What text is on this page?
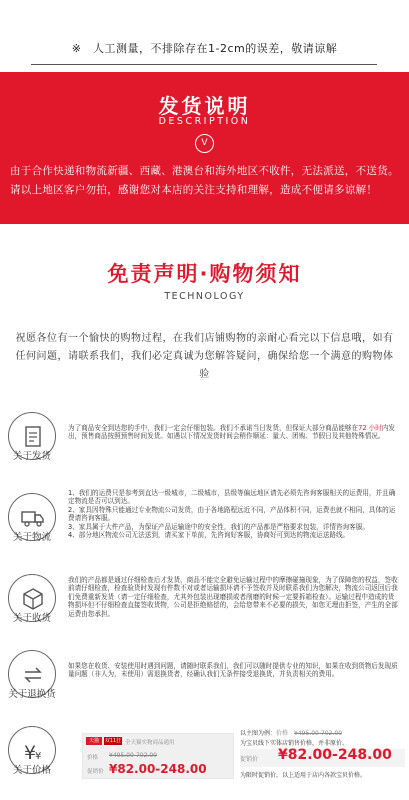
※　人工测量，不排除存在1-2cm的误差，敬请谅解
发货说明
DESCRIPTION
V
由于合作快递和物流新疆、西藏、港澳台和海外地区不收件，无法派送，不送货。请以上地区客户勿拍，感谢您对本店的关注支持和理解，造成不便请多谅解！
免责声明·购物须知
TECHNOLOGY
祝愿各位有一个愉快的购物过程，在我们店铺购物的亲耐心看完以下信息哦，如有任何问题，请联系我们，我们必定真诚为您解答疑问，确保给您一个满意的购物体验
关于发货
为了商品安全到达您的手中，我们一定会仔细包装。我们不承诺当日发货，但保证大部分商品能够在72 小时内发出，预售商品按照预售时间发货。如遇以下情况发货时间会稍作顺延：量大、团购、节假日及其他特殊情况。
关于物流
1、我们的运费只是参考到直达一级城市，二级城市，县级等偏远地区请先必须先咨询客服相关的运费用，并且确定物流是否可以到达。
2、家具因特殊只能通过专业物流公司发货，由于各地路程远近不同，产品体积不同，运费也就不相同，具体的运费请咨询客服。
3、家具属于大件产品，为保证产品运输途中的安全性，我们的产品都是严格要求包装，详情咨询客服。
4、部分地区物流公司无法送到，请买家下单前，先咨询好客服，协商好可到达的物流运送路线。
关于收货
我们的产品都是通过仔细检查后才发货，商品不能完全避免运输过程中的摩擦碰撞现象，为了保障您的权益，签收前请仔细检查，检查验货时发现有件数不对或者运输损坏请不予签收并及时联系我们为您解决，物流公司返回后我们免费重新发货（请一定仔细检查，尤其外包装出现磨损或者削磨的时候一定要拆箱检查）。运输过程中造成的货物损坏但不仔细检查直接签收货物，公司是拒绝赔偿的，会给您带来不必要的损失，如您无理由拒签，产生的全部运费由您承担。
关于退换货
如果您在收货、安装使用时遇到问题，请随时联系我们，我们可以随时提供专业的知识，如果在收到货物后发现质量问题（非人为，未使用）需退换货者，经确认我们无条件接受退换货，并负责相关的费用。
¥
¥
关于价格
天猫	双11狂欢
全天猫实物商品通用
价格 ¥495.00-702.00
促销价 ¥82.00-248.00
以主图为例：价格　 ¥495.00-702.00
为宝贝线下实体店销售价格，并非原价。
促销价 ¥82.00-248.00
为限时促销价，以上适用于店内各款宝贝价格。
